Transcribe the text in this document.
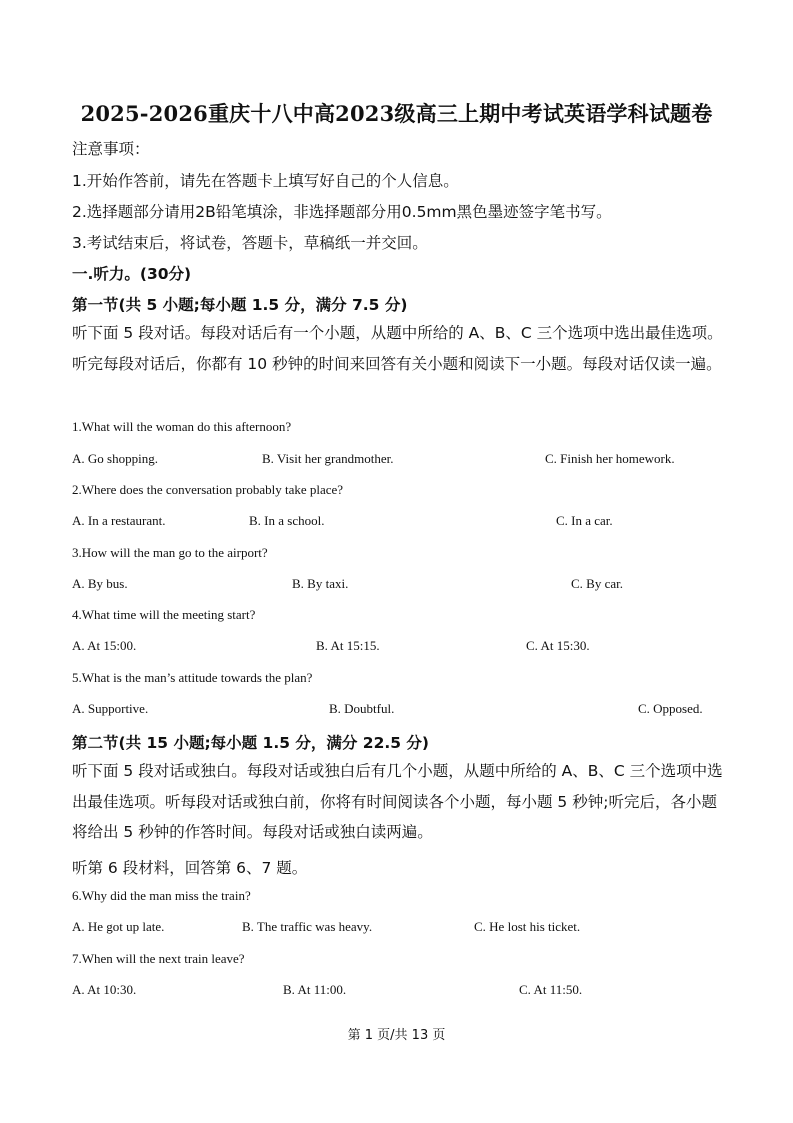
2025-2026重庆十八中高2023级高三上期中考试英语学科试题卷
注意事项：
1.开始作答前，请先在答题卡上填写好自己的个人信息。
2.选择题部分请用2B铅笔填涂，非选择题部分用0.5mm黑色墨迹签字笔书写。
3.考试结束后，将试卷，答题卡，草稿纸一并交回。
一.听力。(30分)
第一节(共 5 小题;每小题 1.5 分，满分 7.5 分)
听下面 5 段对话。每段对话后有一个小题，从题中所给的 A、B、C 三个选项中选出最佳选项。听完每段对话后，你都有 10 秒钟的时间来回答有关小题和阅读下一小题。每段对话仅读一遍。
1.What will the woman do this afternoon?
A. Go shopping.	B. Visit her grandmother.	C. Finish her homework.
2.Where does the conversation probably take place?
A. In a restaurant.	B. In a school.	C. In a car.
3.How will the man go to the airport?
A. By bus.	B. By taxi.	C. By car.
4.What time will the meeting start?
A. At 15:00.	B. At 15:15.	C. At 15:30.
5.What is the man’s attitude towards the plan?
A. Supportive.	B. Doubtful.	C. Opposed.
第二节(共 15 小题;每小题 1.5 分，满分 22.5 分)
听下面 5 段对话或独白。每段对话或独白后有几个小题，从题中所给的 A、B、C 三个选项中选出最佳选项。听每段对话或独白前，你将有时间阅读各个小题，每小题 5 秒钟;听完后，各小题将给出 5 秒钟的作答时间。每段对话或独白读两遍。
听第 6 段材料，回答第 6、7 题。
6.Why did the man miss the train?
A. He got up late.	B. The traffic was heavy.	C. He lost his ticket.
7.When will the next train leave?
A. At 10:30.	B. At 11:00.	C. At 11:50.
第 1 页/共 13 页
